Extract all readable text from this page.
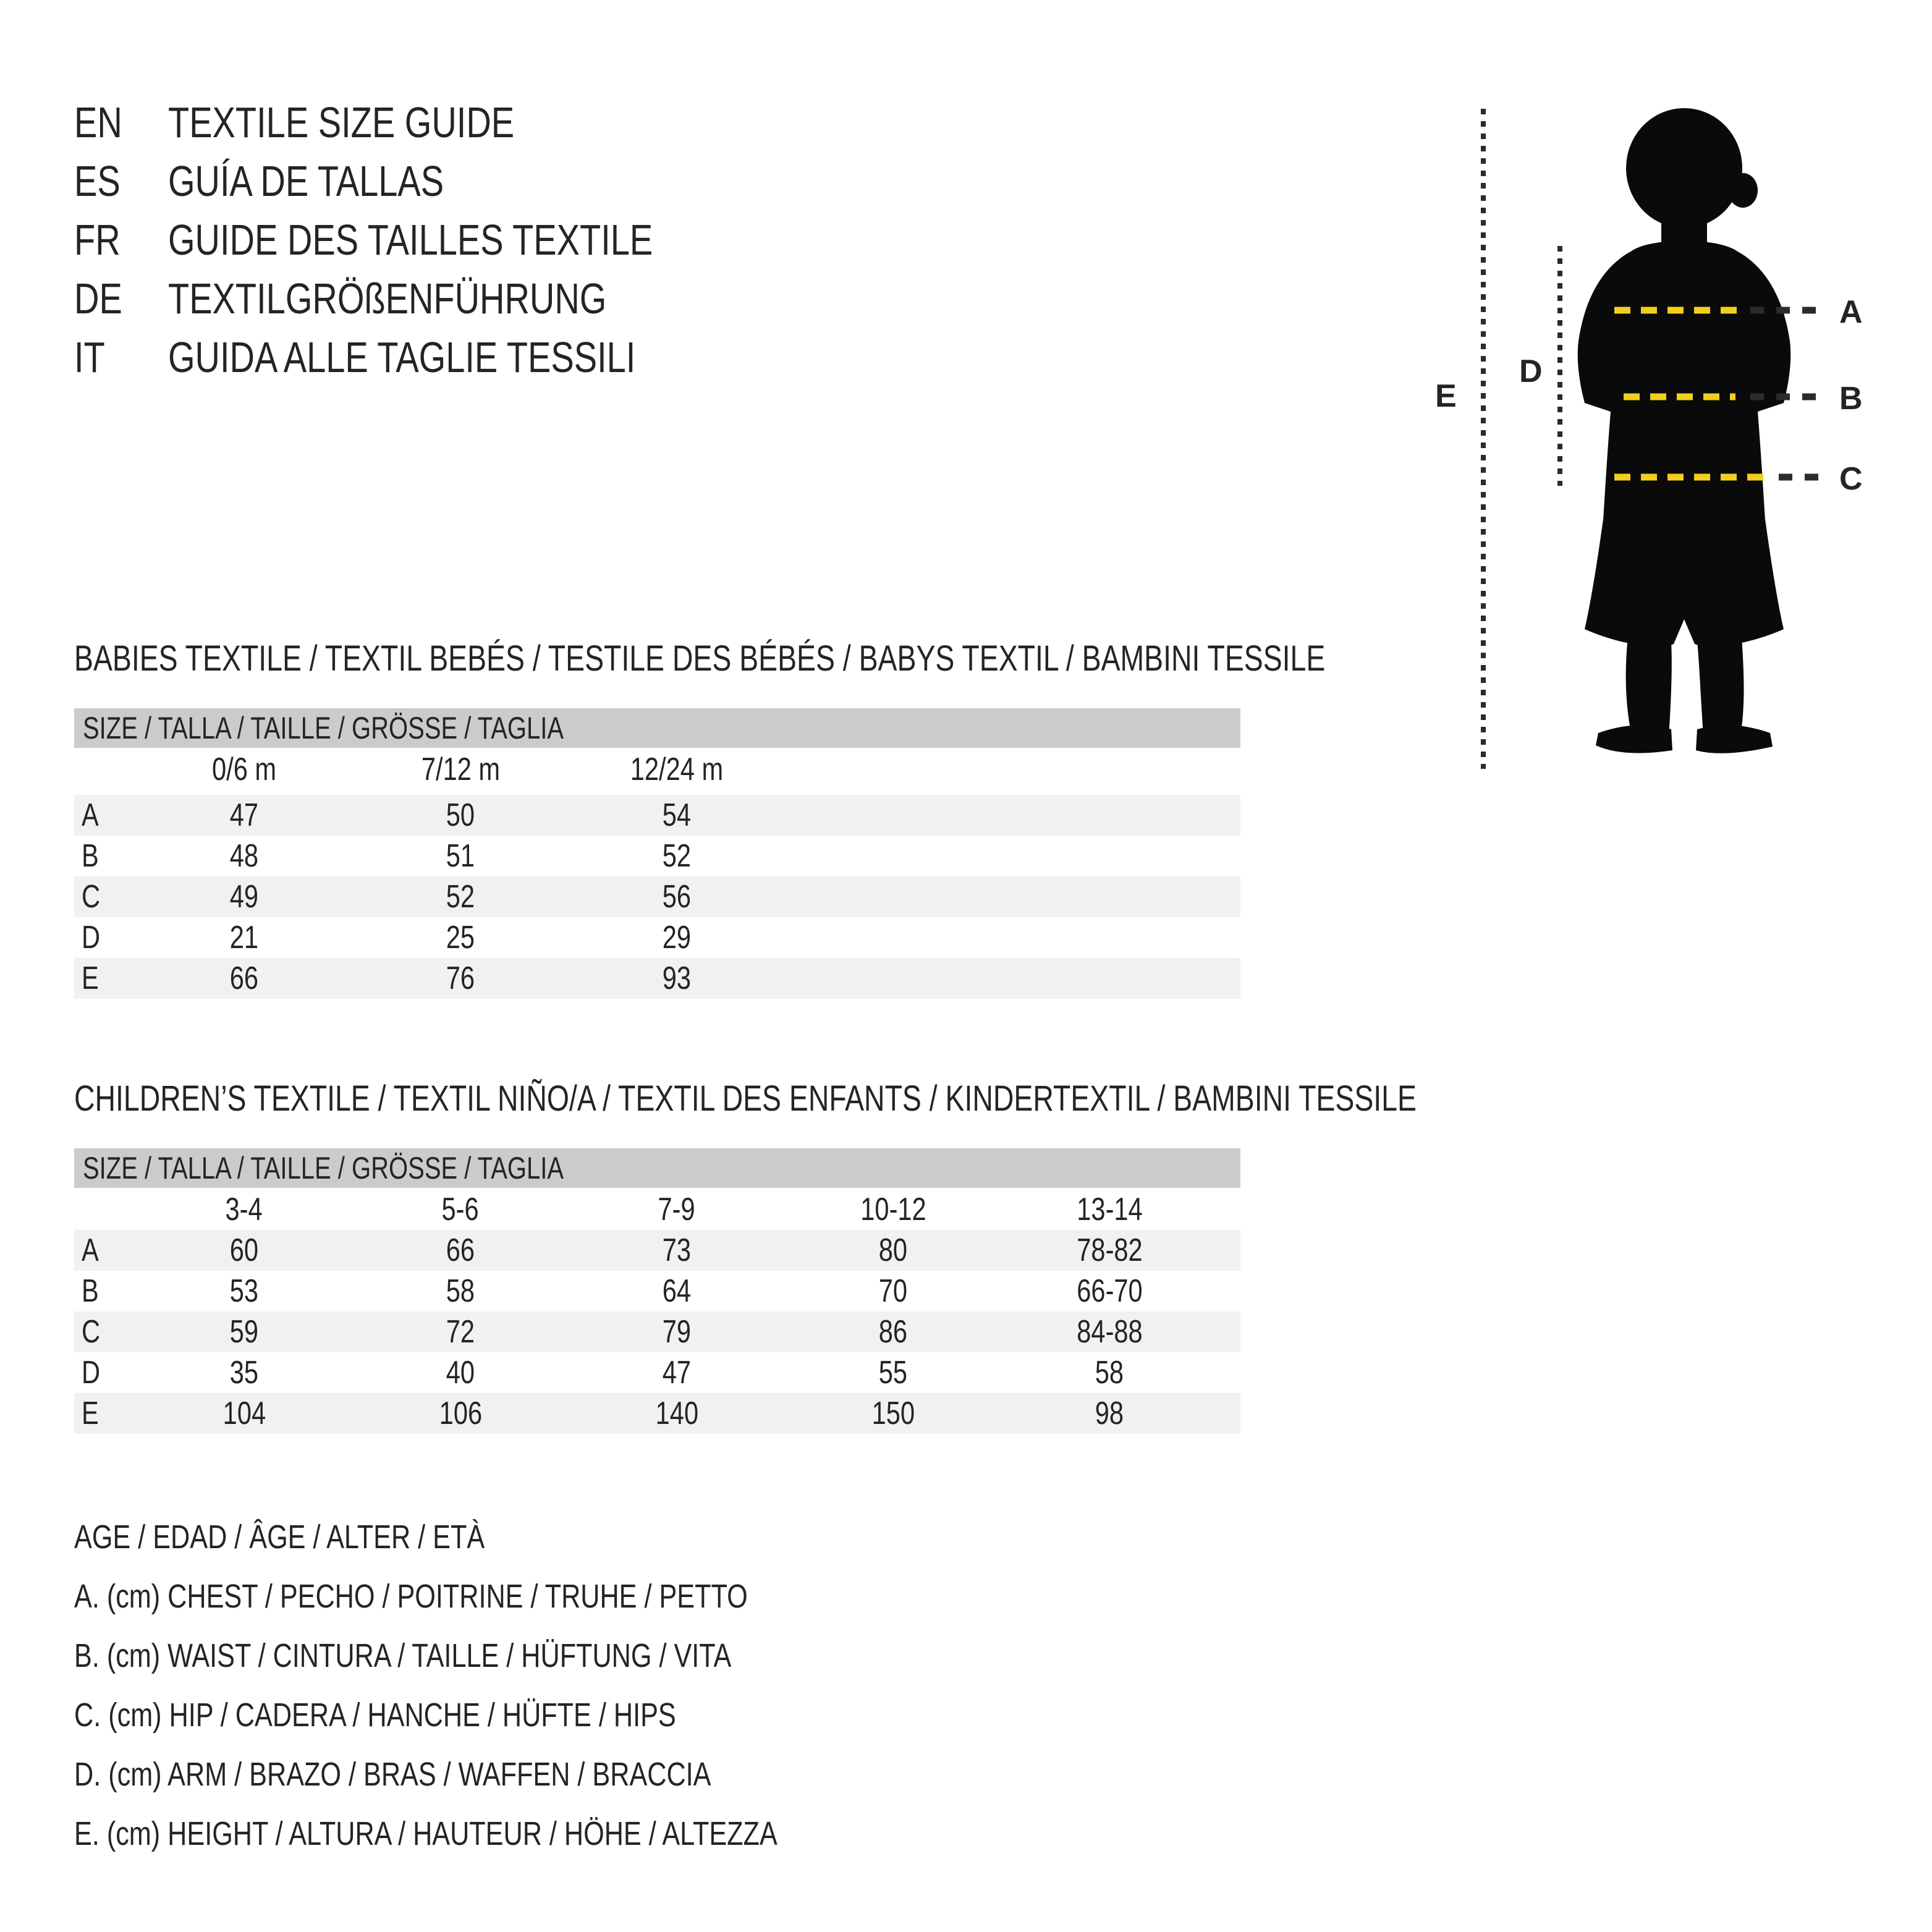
EN	TEXTILE SIZE GUIDE
ES	GUÍA DE TALLAS
FR	GUIDE DES TAILLES TEXTILE
DE	TEXTILGRÖßENFÜHRUNG
IT	GUIDA ALLE TAGLIE TESSILI
A
B
C
D
E
BABIES TEXTILE / TEXTIL BEBÉS / TESTILE DES BÉBÉS / BABYS TEXTIL / BAMBINI TESSILE
SIZE / TALLA / TAILLE / GRÖSSE / TAGLIA
0/6 m	7/12 m	12/24 m
A	47	50	54
B	48	51	52
C	49	52	56
D	21	25	29
E	66	76	93
CHILDREN’S TEXTILE / TEXTIL NIÑO/A / TEXTIL DES ENFANTS / KINDERTEXTIL / BAMBINI TESSILE
SIZE / TALLA / TAILLE / GRÖSSE / TAGLIA
3-4	5-6	7-9	10-12	13-14
A	60	66	73	80	78-82
B	53	58	64	70	66-70
C	59	72	79	86	84-88
D	35	40	47	55	58
E	104	106	140	150	98
AGE / EDAD / ÂGE / ALTER / ETÀ
A. (cm) CHEST / PECHO / POITRINE / TRUHE / PETTO
B. (cm) WAIST / CINTURA / TAILLE / HÜFTUNG / VITA
C. (cm) HIP / CADERA / HANCHE / HÜFTE / HIPS
D. (cm) ARM / BRAZO / BRAS / WAFFEN / BRACCIA
E. (cm) HEIGHT / ALTURA / HAUTEUR / HÖHE / ALTEZZA
